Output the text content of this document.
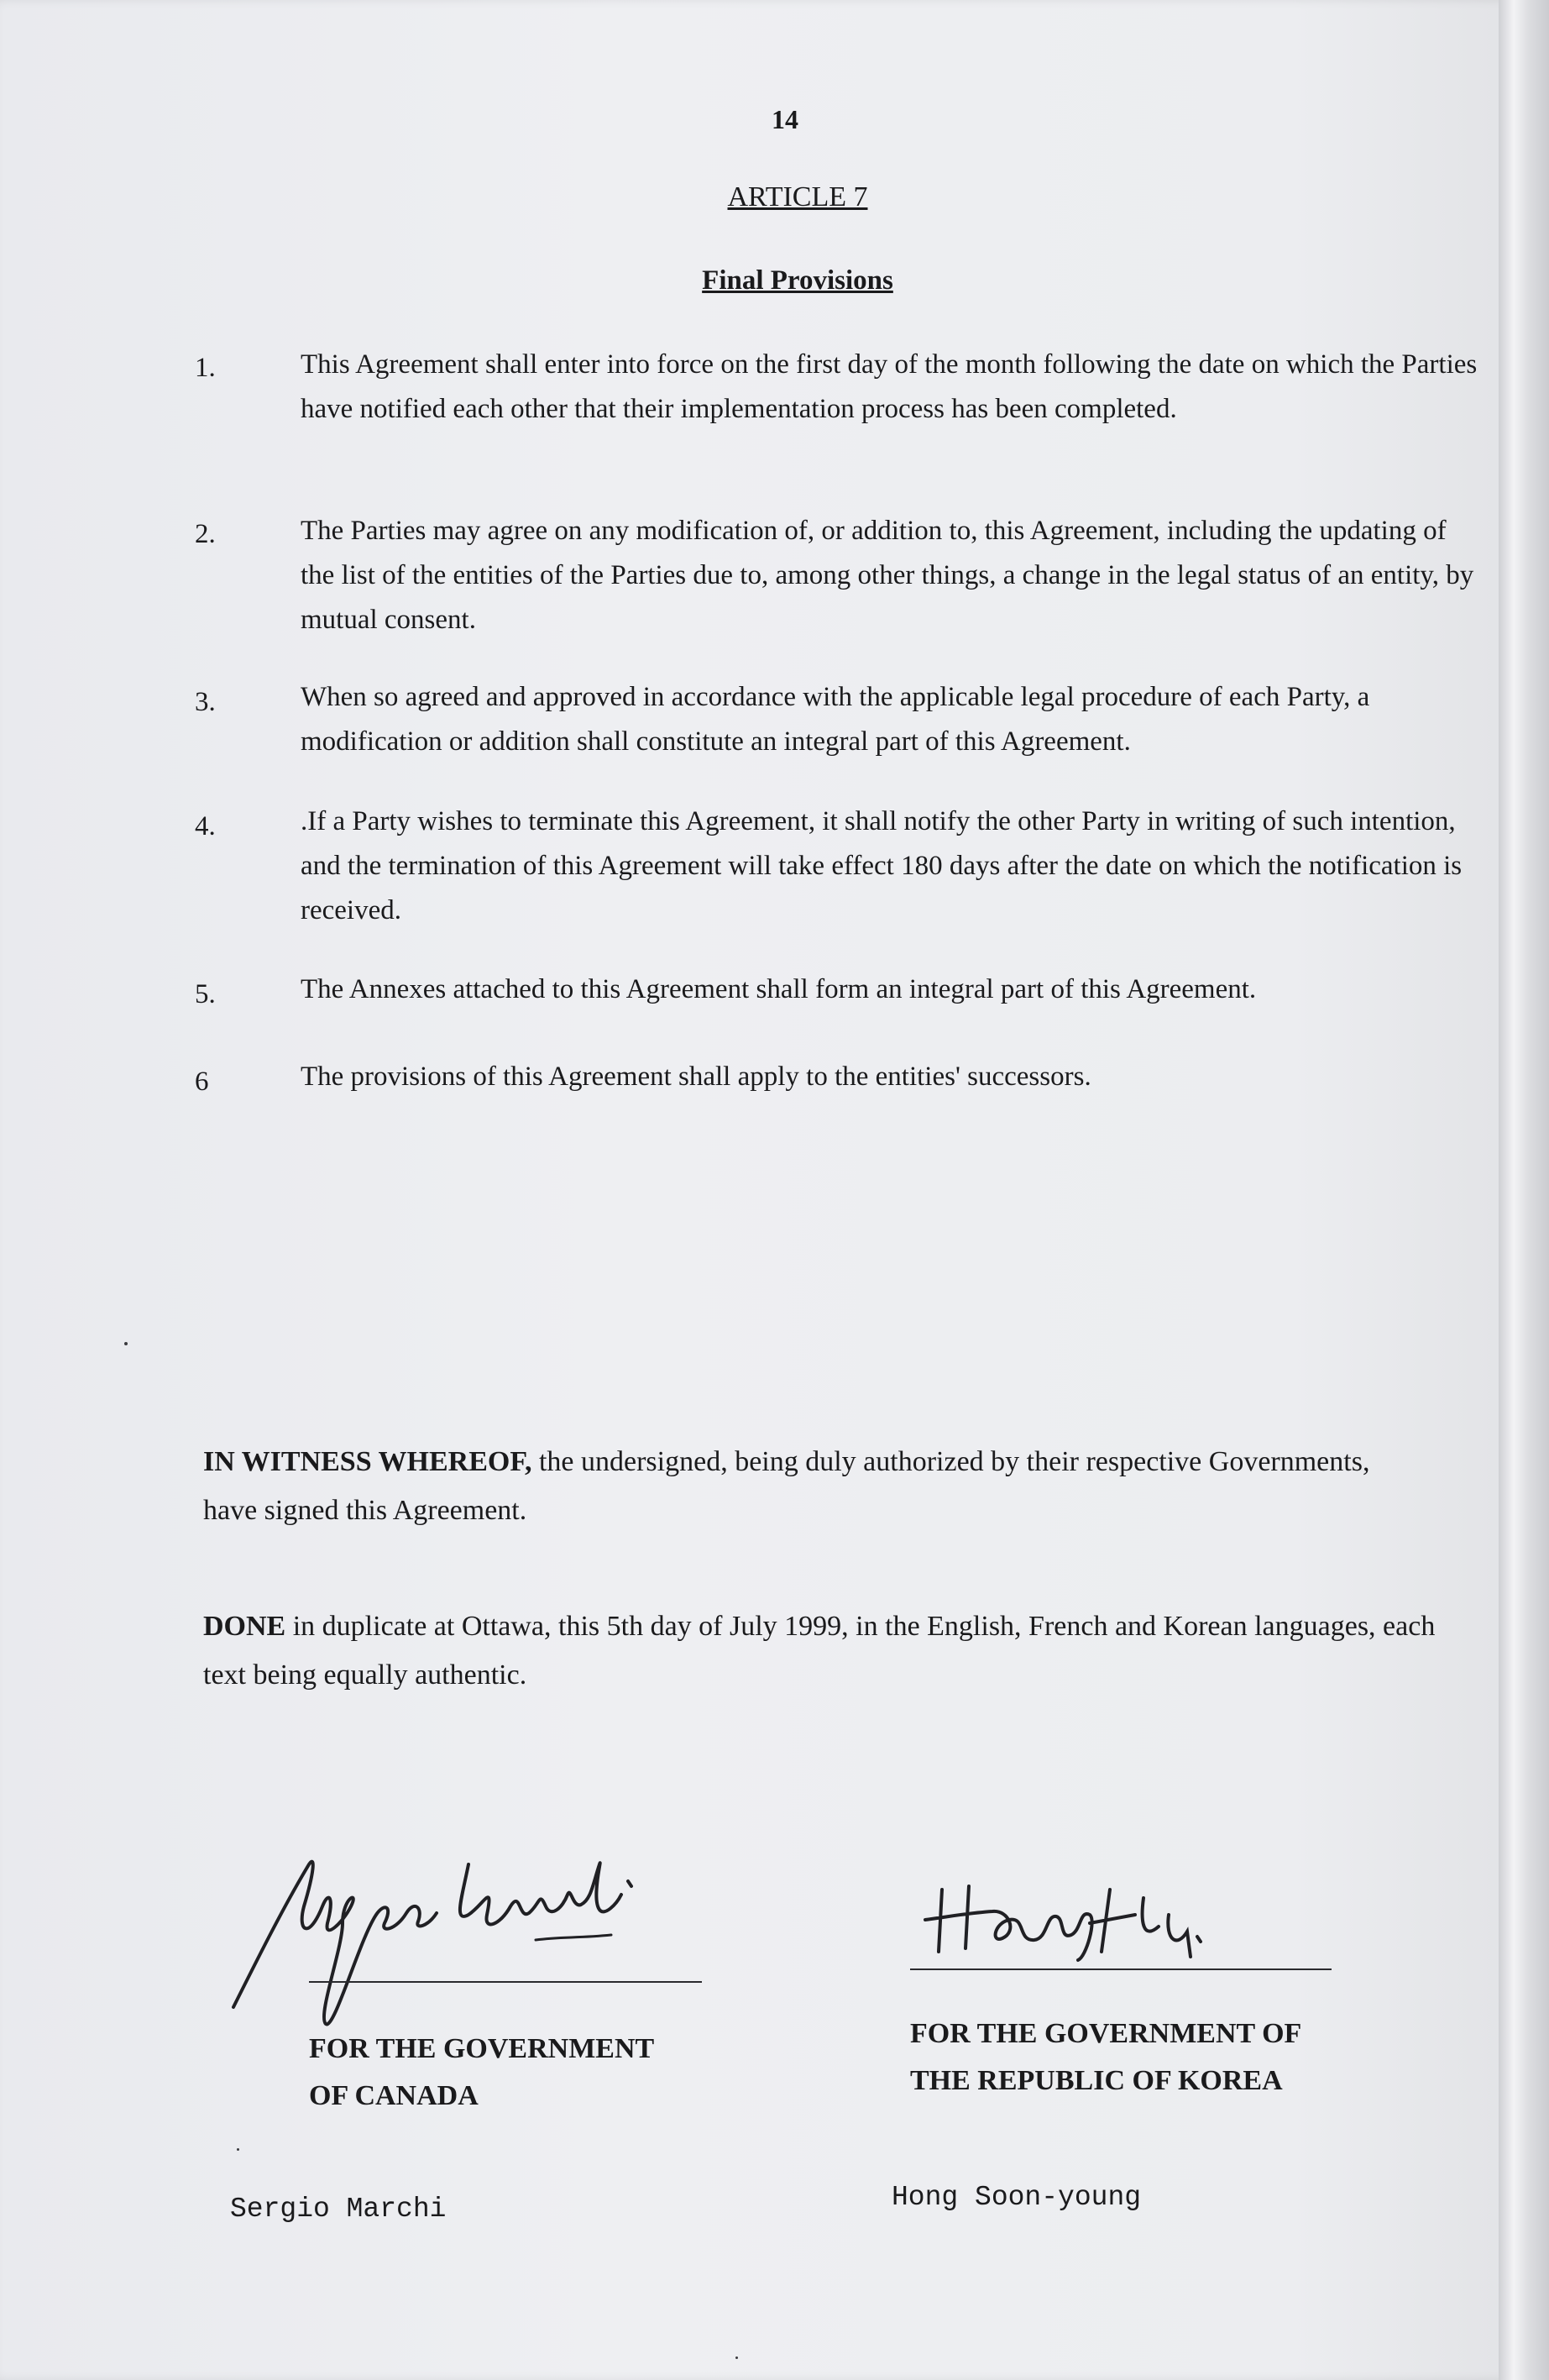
14
ARTICLE 7
Final Provisions
1.	This Agreement shall enter into force on the first day of the month following the date on which the Parties have notified each other that their implementation process has been completed.
2.	The Parties may agree on any modification of, or addition to, this Agreement, including the updating of the list of the entities of the Parties due to, among other things, a change in the legal status of an entity, by mutual consent.
3.	When so agreed and approved in accordance with the applicable legal procedure of each Party, a modification or addition shall constitute an integral part of this Agreement.
4.	.If a Party wishes to terminate this Agreement, it shall notify the other Party in writing of such intention, and the termination of this Agreement will take effect 180 days after the date on which the notification is received.
5.	The Annexes attached to this Agreement shall form an integral part of this Agreement.
6	The provisions of this Agreement shall apply to the entities' successors.
IN WITNESS WHEREOF, the undersigned, being duly authorized by their respective Governments, have signed this Agreement.
DONE in duplicate at Ottawa, this 5th day of July 1999, in the English, French and Korean languages, each text being equally authentic.
FOR THE GOVERNMENT
OF CANADA
Sergio Marchi
FOR THE GOVERNMENT OF
THE REPUBLIC OF KOREA
Hong Soon-young
